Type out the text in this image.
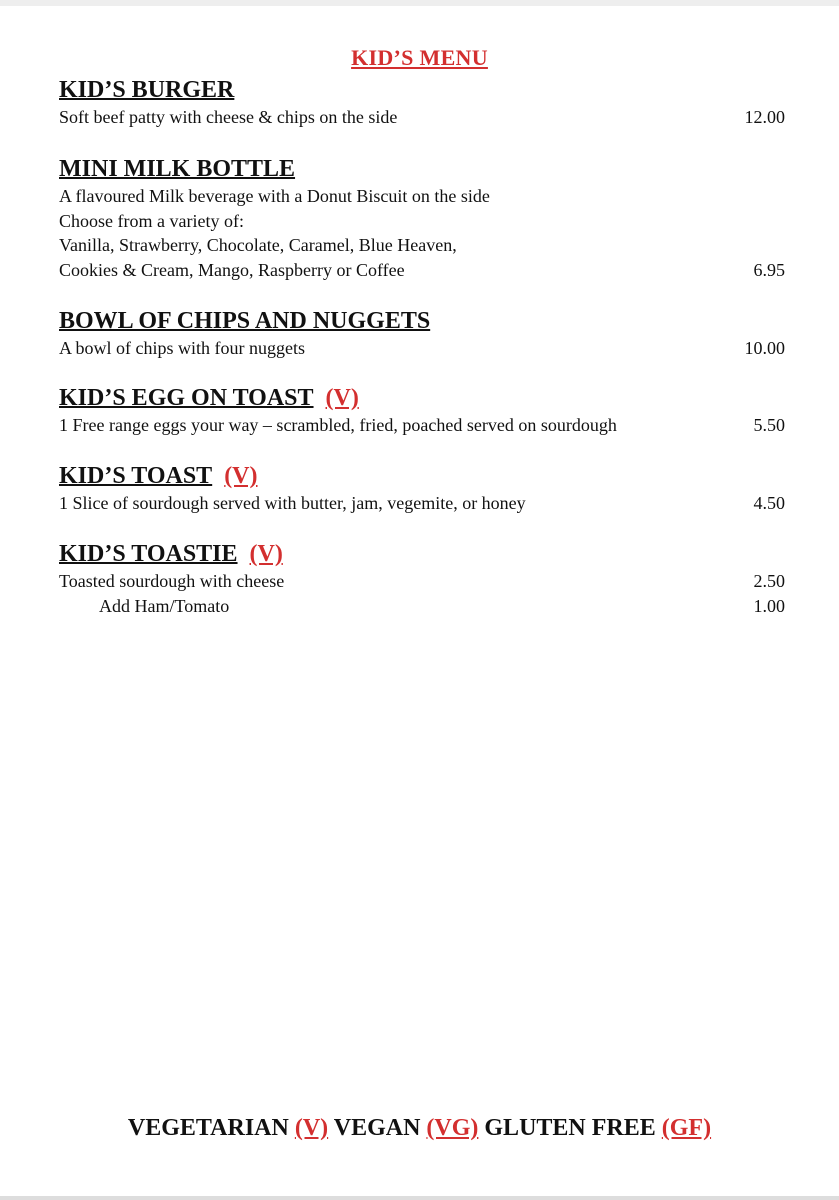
KID’S MENU
KID’S BURGER
Soft beef patty with cheese & chips on the side	12.00
MINI MILK BOTTLE
A flavoured Milk beverage with a Donut Biscuit on the side
Choose from a variety of:
Vanilla, Strawberry, Chocolate, Caramel, Blue Heaven,
Cookies & Cream, Mango, Raspberry or Coffee	6.95
BOWL OF CHIPS AND NUGGETS
A bowl of chips with four nuggets	10.00
KID’S EGG ON TOAST (V)
1 Free range eggs your way – scrambled, fried, poached served on sourdough	5.50
KID’S TOAST (V)
1 Slice of sourdough served with butter, jam, vegemite, or honey	4.50
KID’S TOASTIE (V)
Toasted sourdough with cheese	2.50
Add Ham/Tomato	1.00
VEGETARIAN (V) VEGAN (VG) GLUTEN FREE (GF)
